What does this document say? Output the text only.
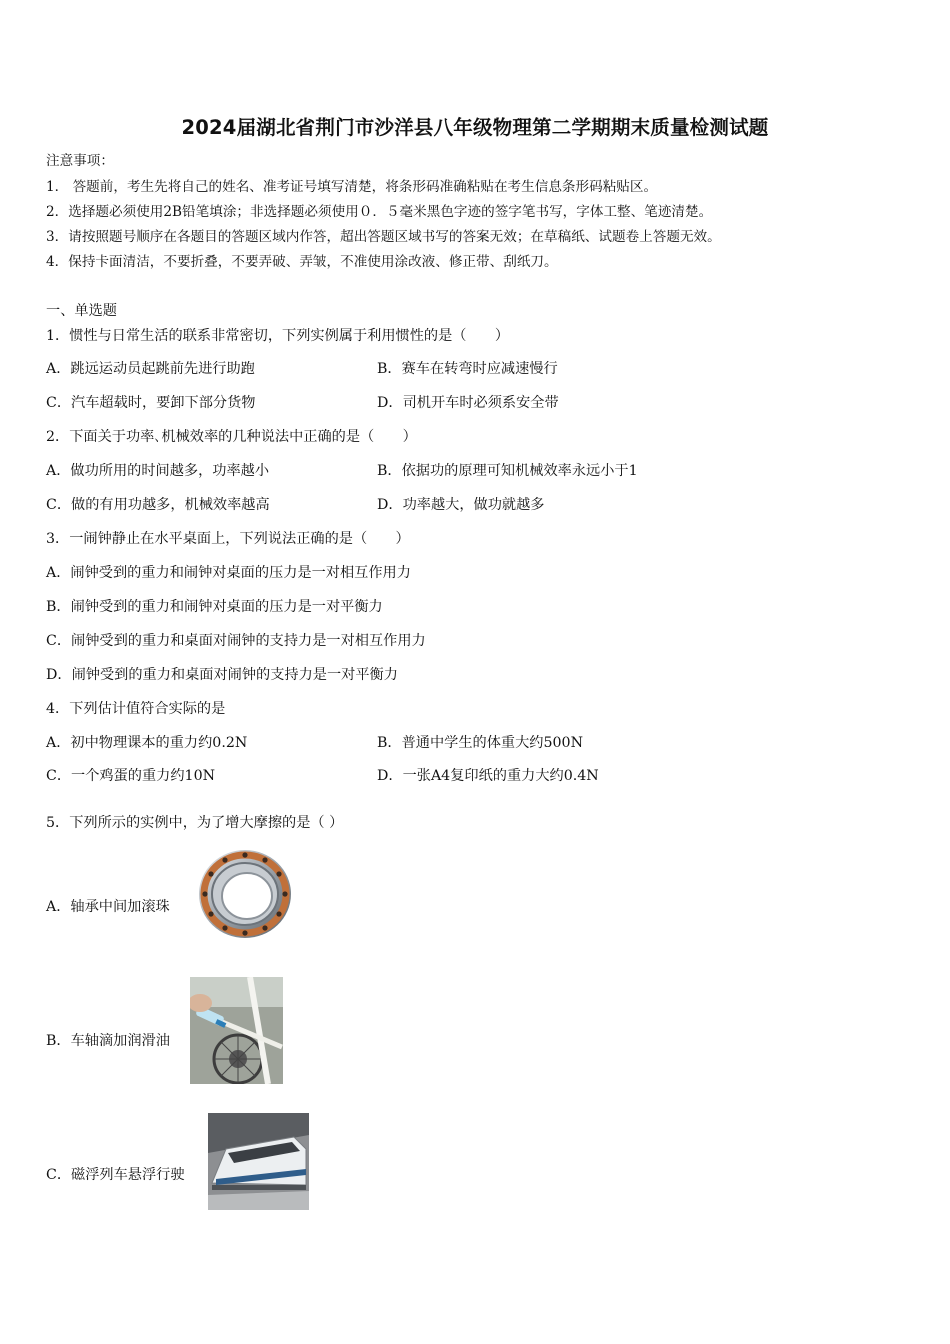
2024届湖北省荆门市沙洋县八年级物理第二学期期末质量检测试题
注意事项：
1． 答题前，考生先将自己的姓名、准考证号填写清楚，将条形码准确粘贴在考生信息条形码粘贴区。
2．选择题必须使用2B铅笔填涂；非选择题必须使用０．５毫米黑色字迹的签字笔书写，字体工整、笔迹清楚。
3．请按照题号顺序在各题目的答题区域内作答，超出答题区域书写的答案无效；在草稿纸、试题卷上答题无效。
4．保持卡面清洁，不要折叠，不要弄破、弄皱，不准使用涂改液、修正带、刮纸刀。
一、单选题
1．惯性与日常生活的联系非常密切，下列实例属于利用惯性的是（　　）
A．跳远运动员起跳前先进行助跑	B．赛车在转弯时应减速慢行
C．汽车超载时，要卸下部分货物	D．司机开车时必须系安全带
2．下面关于功率､机械效率的几种说法中正确的是（　　）
A．做功所用的时间越多，功率越小	B．依据功的原理可知机械效率永远小于1
C．做的有用功越多，机械效率越高	D．功率越大，做功就越多
3．一闹钟静止在水平桌面上，下列说法正确的是（　　）
A．闹钟受到的重力和闹钟对桌面的压力是一对相互作用力
B．闹钟受到的重力和闹钟对桌面的压力是一对平衡力
C．闹钟受到的重力和桌面对闹钟的支持力是一对相互作用力
D．闹钟受到的重力和桌面对闹钟的支持力是一对平衡力
4．下列估计值符合实际的是
A．初中物理课本的重力约0.2N	B．普通中学生的体重大约500N
C．一个鸡蛋的重力约10N	D．一张A4复印纸的重力大约0.4N
5．下列所示的实例中，为了增大摩擦的是（ ）
A．轴承中间加滚珠
B．车轴滴加润滑油
C．磁浮列车悬浮行驶
